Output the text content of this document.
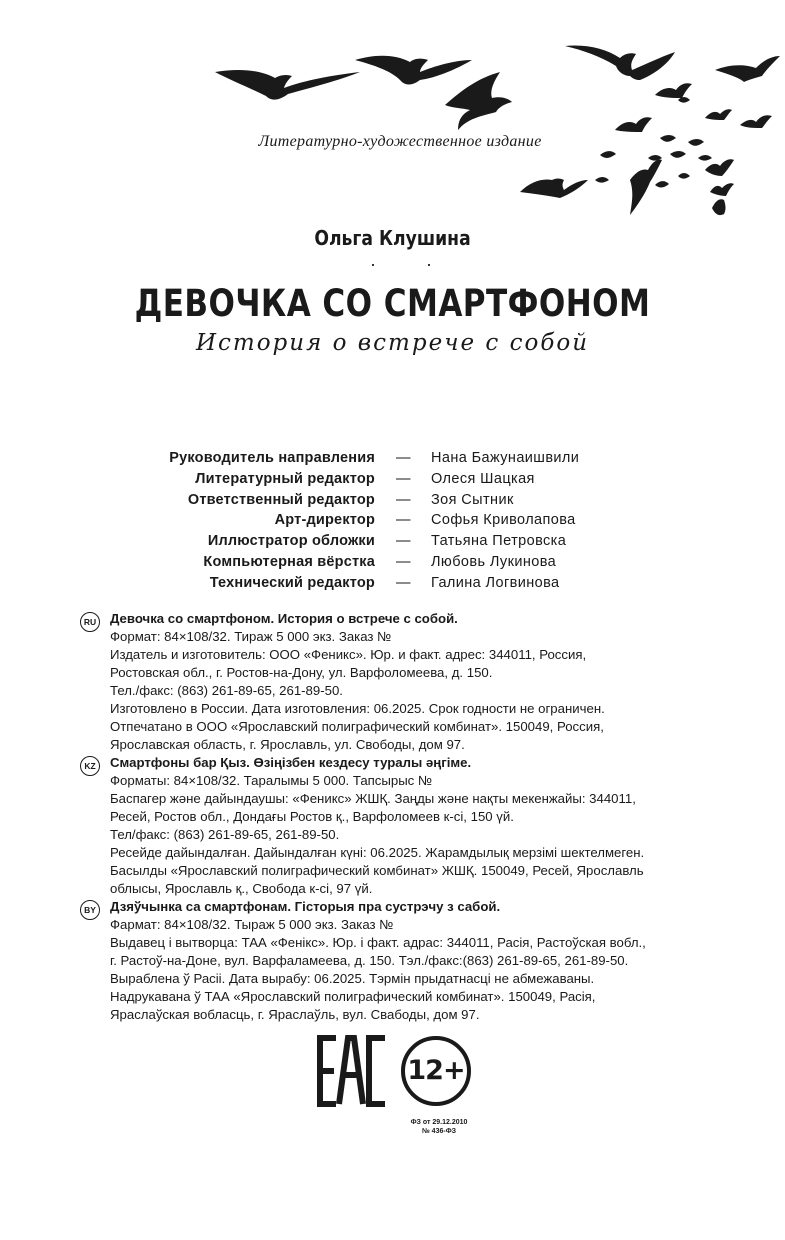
Литературно-художественное издание
Ольга Клушина
ДЕВОЧКА СО СМАРТФОНОМ
История о встрече с собой
Руководитель направления — Нана Бажунаишвили
Литературный редактор — Олеся Шацкая
Ответственный редактор — Зоя Сытник
Арт-директор — Софья Криволапова
Иллюстратор обложки — Татьяна Петровска
Компьютерная вёрстка — Любовь Лукинова
Технический редактор — Галина Логвинова
RU Девочка со смартфоном. История о встрече с собой.
Формат: 84×108/32. Тираж 5 000 экз. Заказ №
Издатель и изготовитель: ООО «Феникс». Юр. и факт. адрес: 344011, Россия,
Ростовская обл., г. Ростов-на-Дону, ул. Варфоломеева, д. 150.
Тел./факс: (863) 261-89-65, 261-89-50.
Изготовлено в России. Дата изготовления: 06.2025. Срок годности не ограничен.
Отпечатано в ООО «Ярославский полиграфический комбинат». 150049, Россия,
Ярославская область, г. Ярославль, ул. Свободы, дом 97.
KZ	Смартфоны бар Қыз. Өзіңізбен кездесу туралы әңгіме.
Форматы: 84×108/32. Таралымы 5 000. Тапсырыс №
Баспагер және дайындаушы: «Феникс» ЖШҚ. Заңды және нақты мекенжайы: 344011,
Ресей, Ростов обл., Дондағы Ростов қ., Варфоломеев к-сі, 150 үй.
Тел/факс: (863) 261-89-65, 261-89-50.
Ресейде дайындалған. Дайындалған күні: 06.2025. Жарамдылық мерзімі шектелмеген.
Басылды «Ярославский полиграфический комбинат» ЖШҚ. 150049, Ресей, Ярославль
облысы, Ярославль қ., Свобода к-сі, 97 үй.
BY	Дзяўчынка са смартфонам. Гісторыя пра сустрэчу з сабой.
Фармат: 84×108/32. Тыраж 5 000 экз. Заказ №
Выдавец і вытворца: ТАА «Фенікс». Юр. і факт. адрас: 344011, Расія, Растоўская вобл.,
г. Растоў-на-Доне, вул. Варфаламеева, д. 150. Тэл./факс:(863) 261-89-65, 261-89-50.
Выраблена ў Расіі. Дата вырабу: 06.2025. Тэрмін прыдатнасці не абмежаваны.
Надрукавана ў ТАА «Ярославский полиграфический комбинат». 150049, Расія,
Яраслаўская вобласць, г. Яраслаўль, вул. Свабоды, дом 97.
12+
ФЗ от 29.12.2010
№ 436-ФЗ
